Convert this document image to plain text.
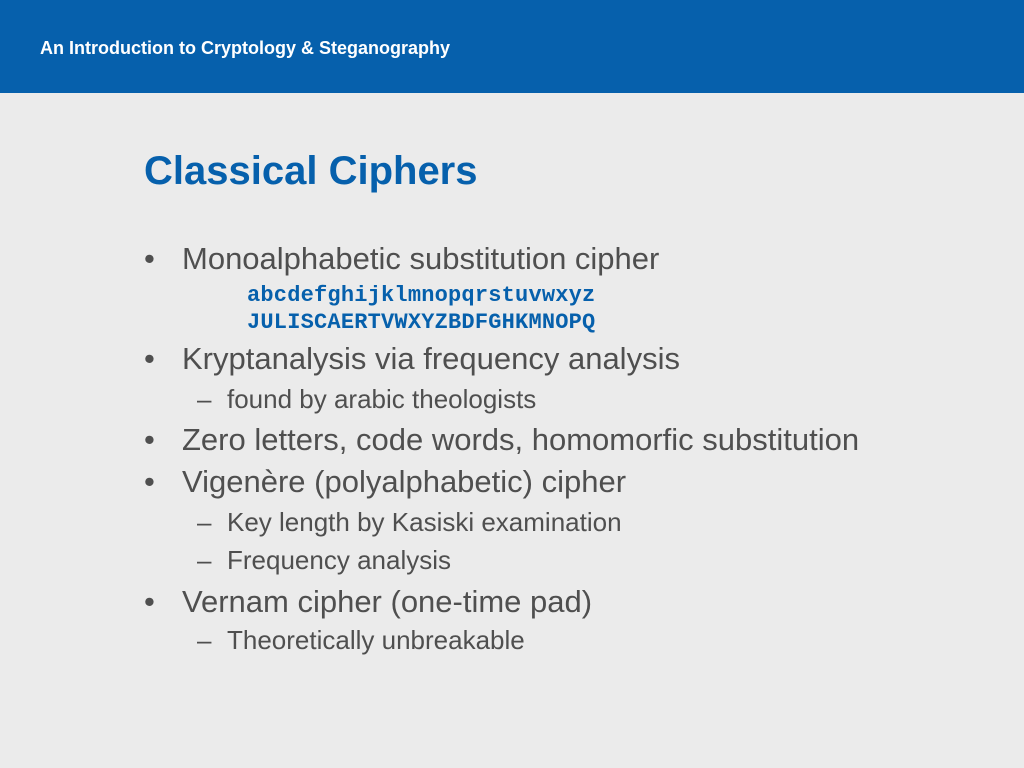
An Introduction to Cryptology & Steganography
Classical Ciphers
• Monoalphabetic substitution cipher
abcdefghijklmnopqrstuvwxyz
JULISCAERTVWXYZBDFGHKMNOPQ
• Kryptanalysis via frequency analysis
– found by arabic theologists
• Zero letters, code words, homomorfic substitution
• Vigenère (polyalphabetic) cipher
– Key length by Kasiski examination
– Frequency analysis
• Vernam cipher (one-time pad)
– Theoretically unbreakable
